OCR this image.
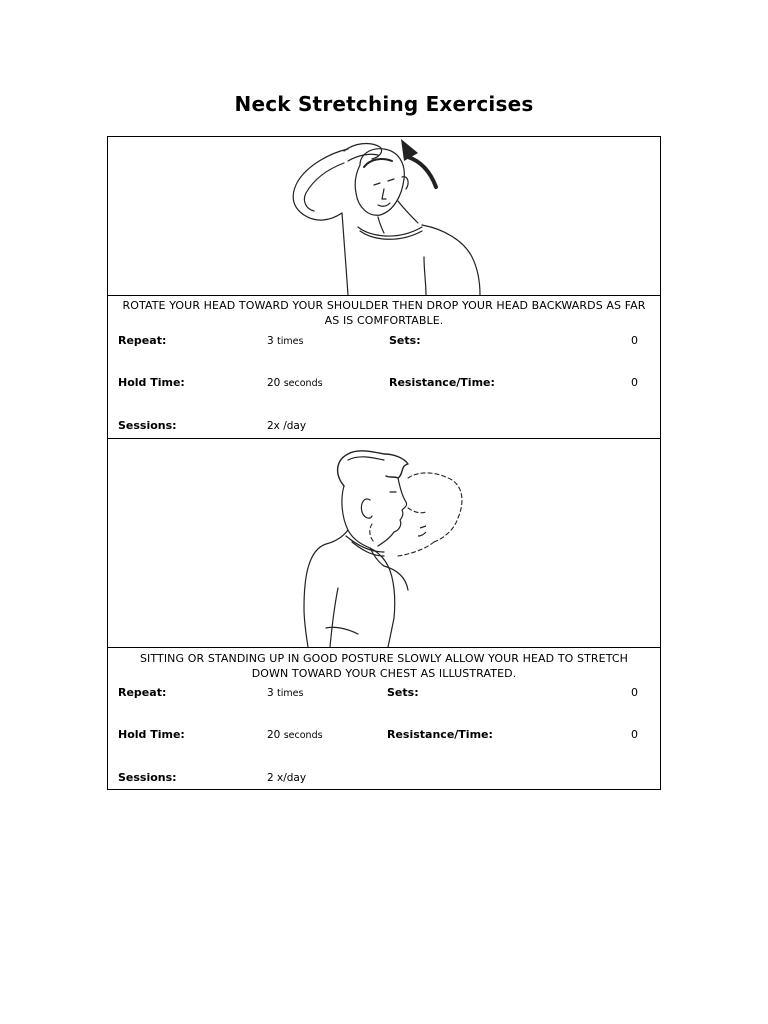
Neck Stretching Exercises
ROTATE YOUR HEAD TOWARD YOUR SHOULDER THEN DROP YOUR HEAD BACKWARDS AS FAR AS IS COMFORTABLE.
Repeat:	3 times	Sets:	0
Hold Time:	20 seconds	Resistance/Time:	0
Sessions:	2x /day
SITTING OR STANDING UP IN GOOD POSTURE SLOWLY ALLOW YOUR HEAD TO STRETCH DOWN TOWARD YOUR CHEST AS ILLUSTRATED.
Repeat:	3 times	Sets:	0
Hold Time:	20 seconds	Resistance/Time:	0
Sessions:	2 x/day
